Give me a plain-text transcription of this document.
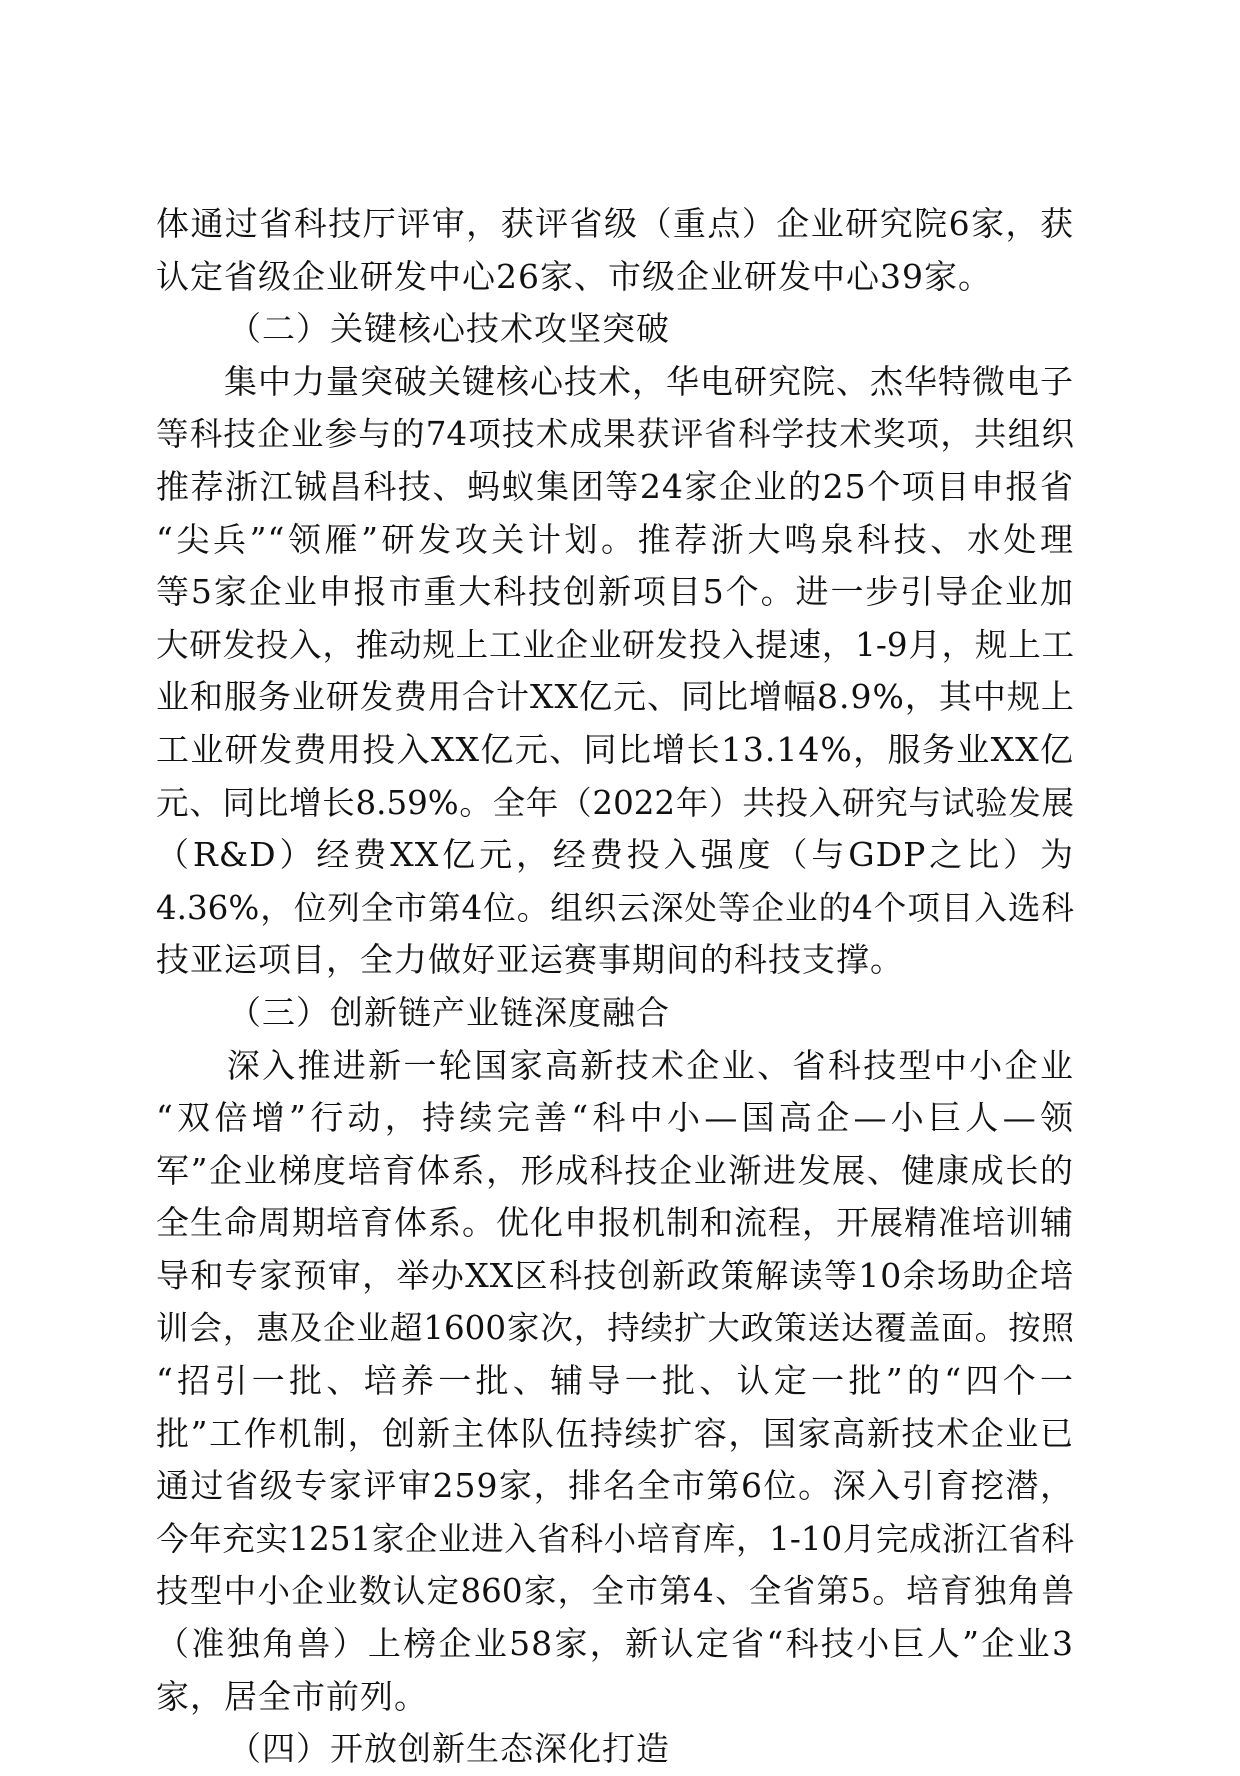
体通过省科技厅评审，获评省级（重点）企业研究院6家，获
认定省级企业研发中心26家、市级企业研发中心39家。
（二）关键核心技术攻坚突破
　　集中力量突破关键核心技术，华电研究院、杰华特微电子
等科技企业参与的74项技术成果获评省科学技术奖项，共组织
推荐浙江铖昌科技、蚂蚁集团等24家企业的25个项目申报省
“尖兵”“领雁”研发攻关计划。推荐浙大鸣泉科技、水处理
等5家企业申报市重大科技创新项目5个。进一步引导企业加
大研发投入，推动规上工业企业研发投入提速，1-9月，规上工
业和服务业研发费用合计XX亿元、同比增幅8.9%，其中规上
工业研发费用投入XX亿元、同比增长13.14%，服务业XX亿
元、同比增长8.59%。全年（2022年）共投入研究与试验发展
（R&D）经费XX亿元，经费投入强度（与GDP之比）为
4.36%，位列全市第4位。组织云深处等企业的4个项目入选科
技亚运项目，全力做好亚运赛事期间的科技支撑。
（三）创新链产业链深度融合
　　深入推进新一轮国家高新技术企业、省科技型中小企业
“双倍增”行动，持续完善“科中小—国高企—小巨人—领
军”企业梯度培育体系，形成科技企业渐进发展、健康成长的
全生命周期培育体系。优化申报机制和流程，开展精准培训辅
导和专家预审，举办XX区科技创新政策解读等10余场助企培
训会，惠及企业超1600家次，持续扩大政策送达覆盖面。按照
“招引一批、培养一批、辅导一批、认定一批”的“四个一
批”工作机制，创新主体队伍持续扩容，国家高新技术企业已
通过省级专家评审259家，排名全市第6位。深入引育挖潜，
今年充实1251家企业进入省科小培育库，1-10月完成浙江省科
技型中小企业数认定860家，全市第4、全省第5。培育独角兽
（准独角兽）上榜企业58家，新认定省“科技小巨人”企业3
家，居全市前列。
（四）开放创新生态深化打造
